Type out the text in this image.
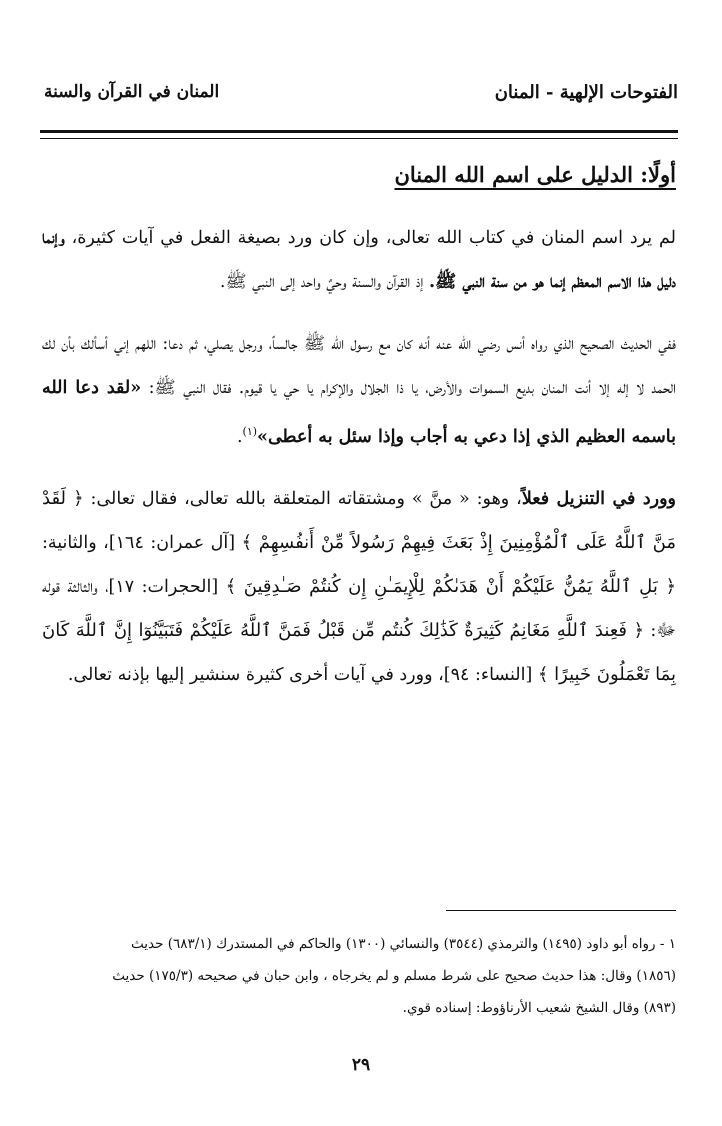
الفتوحات الإلهية - المنان
المنان في القرآن والسنة
أولًا: الدليل على اسم الله المنان

لم يرد اسم المنان في كتاب الله تعالى، وإن كان ورد بصيغة الفعل في آيات كثيرة، وإنما دليل هذا الاسم المعظم إنما هو من سنة النبي ﷺ. إذ القرآن والسنة وحيٌ واحد إلى النبي ﷺ.

ففي الحديث الصحيح الذي رواه أنس رضي الله عنه أنه كان مع رسول الله ﷺ جالساً، ورجل يصلي، ثم دعا: اللهم إني أسألك بأن لك الحمد لا إله إلا أنت المنان بديع السموات والأرض، يا ذا الجلال والإكرام يا حي يا قيوم. فقال النبي ﷺ: «لقد دعا الله باسمه العظيم الذي إذا دعي به أجاب وإذا سئل به أعطى»$^{(١)}$.

وورد في التنزيل فعلاً، وهو: « منَّ » ومشتقاته المتعلقة بالله تعالى، فقال تعالى: ﴿ لَقَدْ مَنَّ ٱللَّهُ عَلَى ٱلْمُؤْمِنِينَ إِذْ بَعَثَ فِيهِمْ رَسُولاً مِّنْ أَنفُسِهِمْ ﴾ [آل عمران: ١٦٤]، والثانية: ﴿ بَلِ ٱللَّهُ يَمُنُّ عَلَيْكُمْ أَنْ هَدَىٰكُمْ لِلْإِيمَـٰنِ إِن كُنتُمْ صَـٰدِقِينَ ﴾ [الحجرات: ١٧]، والثالثة قوله ﷻ: ﴿ فَعِندَ ٱللَّهِ مَغَانِمُ كَثِيرَةٌ كَذَٰلِكَ كُنتُم مِّن قَبْلُ فَمَنَّ ٱللَّهُ عَلَيْكُمْ فَتَبَيَّنُوٓا إِنَّ ٱللَّهَ كَانَ بِمَا تَعْمَلُونَ خَبِيرًا ﴾ [النساء: ٩٤]، وورد في آيات أخرى كثيرة سنشير إليها بإذنه تعالى.

١ - رواه أبو داود (١٤٩٥) والترمذي (٣٥٤٤) والنسائي (١٣٠٠) والحاكم في المستدرك (٦٨٣/١) حديث

(١٨٥٦) وقال: هذا حديث صحيح على شرط مسلم و لم يخرجاه ، وابن حبان في صحيحه (١٧٥/٣) حديث

(٨٩٣) وقال الشيخ شعيب الأرناؤوط: إسناده قوي.

٢٩
